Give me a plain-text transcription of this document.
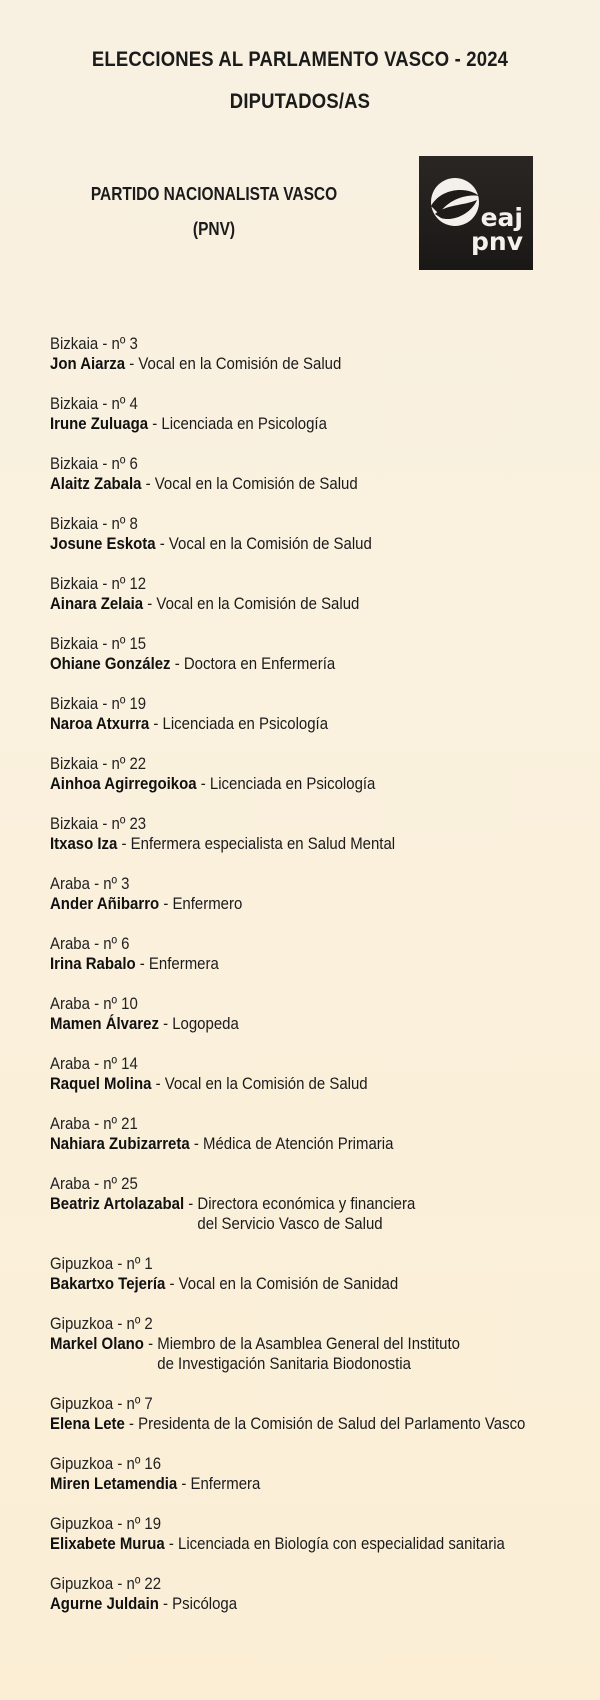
ELECCIONES AL PARLAMENTO VASCO - 2024
DIPUTADOS/AS
PARTIDO NACIONALISTA VASCO
(PNV)	eaj
pnv
Bizkaia - nº 3
Jon Aiarza - Vocal en la Comisión de Salud
Bizkaia - nº 4
Irune Zuluaga - Licenciada en Psicología
Bizkaia - nº 6
Alaitz Zabala - Vocal en la Comisión de Salud
Bizkaia - nº 8
Josune Eskota - Vocal en la Comisión de Salud
Bizkaia - nº 12
Ainara Zelaia - Vocal en la Comisión de Salud
Bizkaia - nº 15
Ohiane González - Doctora en Enfermería
Bizkaia - nº 19
Naroa Atxurra - Licenciada en Psicología
Bizkaia - nº 22
Ainhoa Agirregoikoa - Licenciada en Psicología
Bizkaia - nº 23
Itxaso Iza - Enfermera especialista en Salud Mental
Araba - nº 3
Ander Añibarro - Enfermero
Araba - nº 6
Irina Rabalo - Enfermera
Araba - nº 10
Mamen Álvarez - Logopeda
Araba - nº 14
Raquel Molina - Vocal en la Comisión de Salud
Araba - nº 21
Nahiara Zubizarreta - Médica de Atención Primaria
Araba - nº 25
Beatriz Artolazabal - Directora económica y financiera
del Servicio Vasco de Salud
Gipuzkoa - nº 1
Bakartxo Tejería - Vocal en la Comisión de Sanidad
Gipuzkoa - nº 2
Markel Olano - Miembro de la Asamblea General del Instituto
de Investigación Sanitaria Biodonostia
Gipuzkoa - nº 7
Elena Lete - Presidenta de la Comisión de Salud del Parlamento Vasco
Gipuzkoa - nº 16
Miren Letamendia - Enfermera
Gipuzkoa - nº 19
Elixabete Murua - Licenciada en Biología con especialidad sanitaria
Gipuzkoa - nº 22
Agurne Juldain - Psicóloga
